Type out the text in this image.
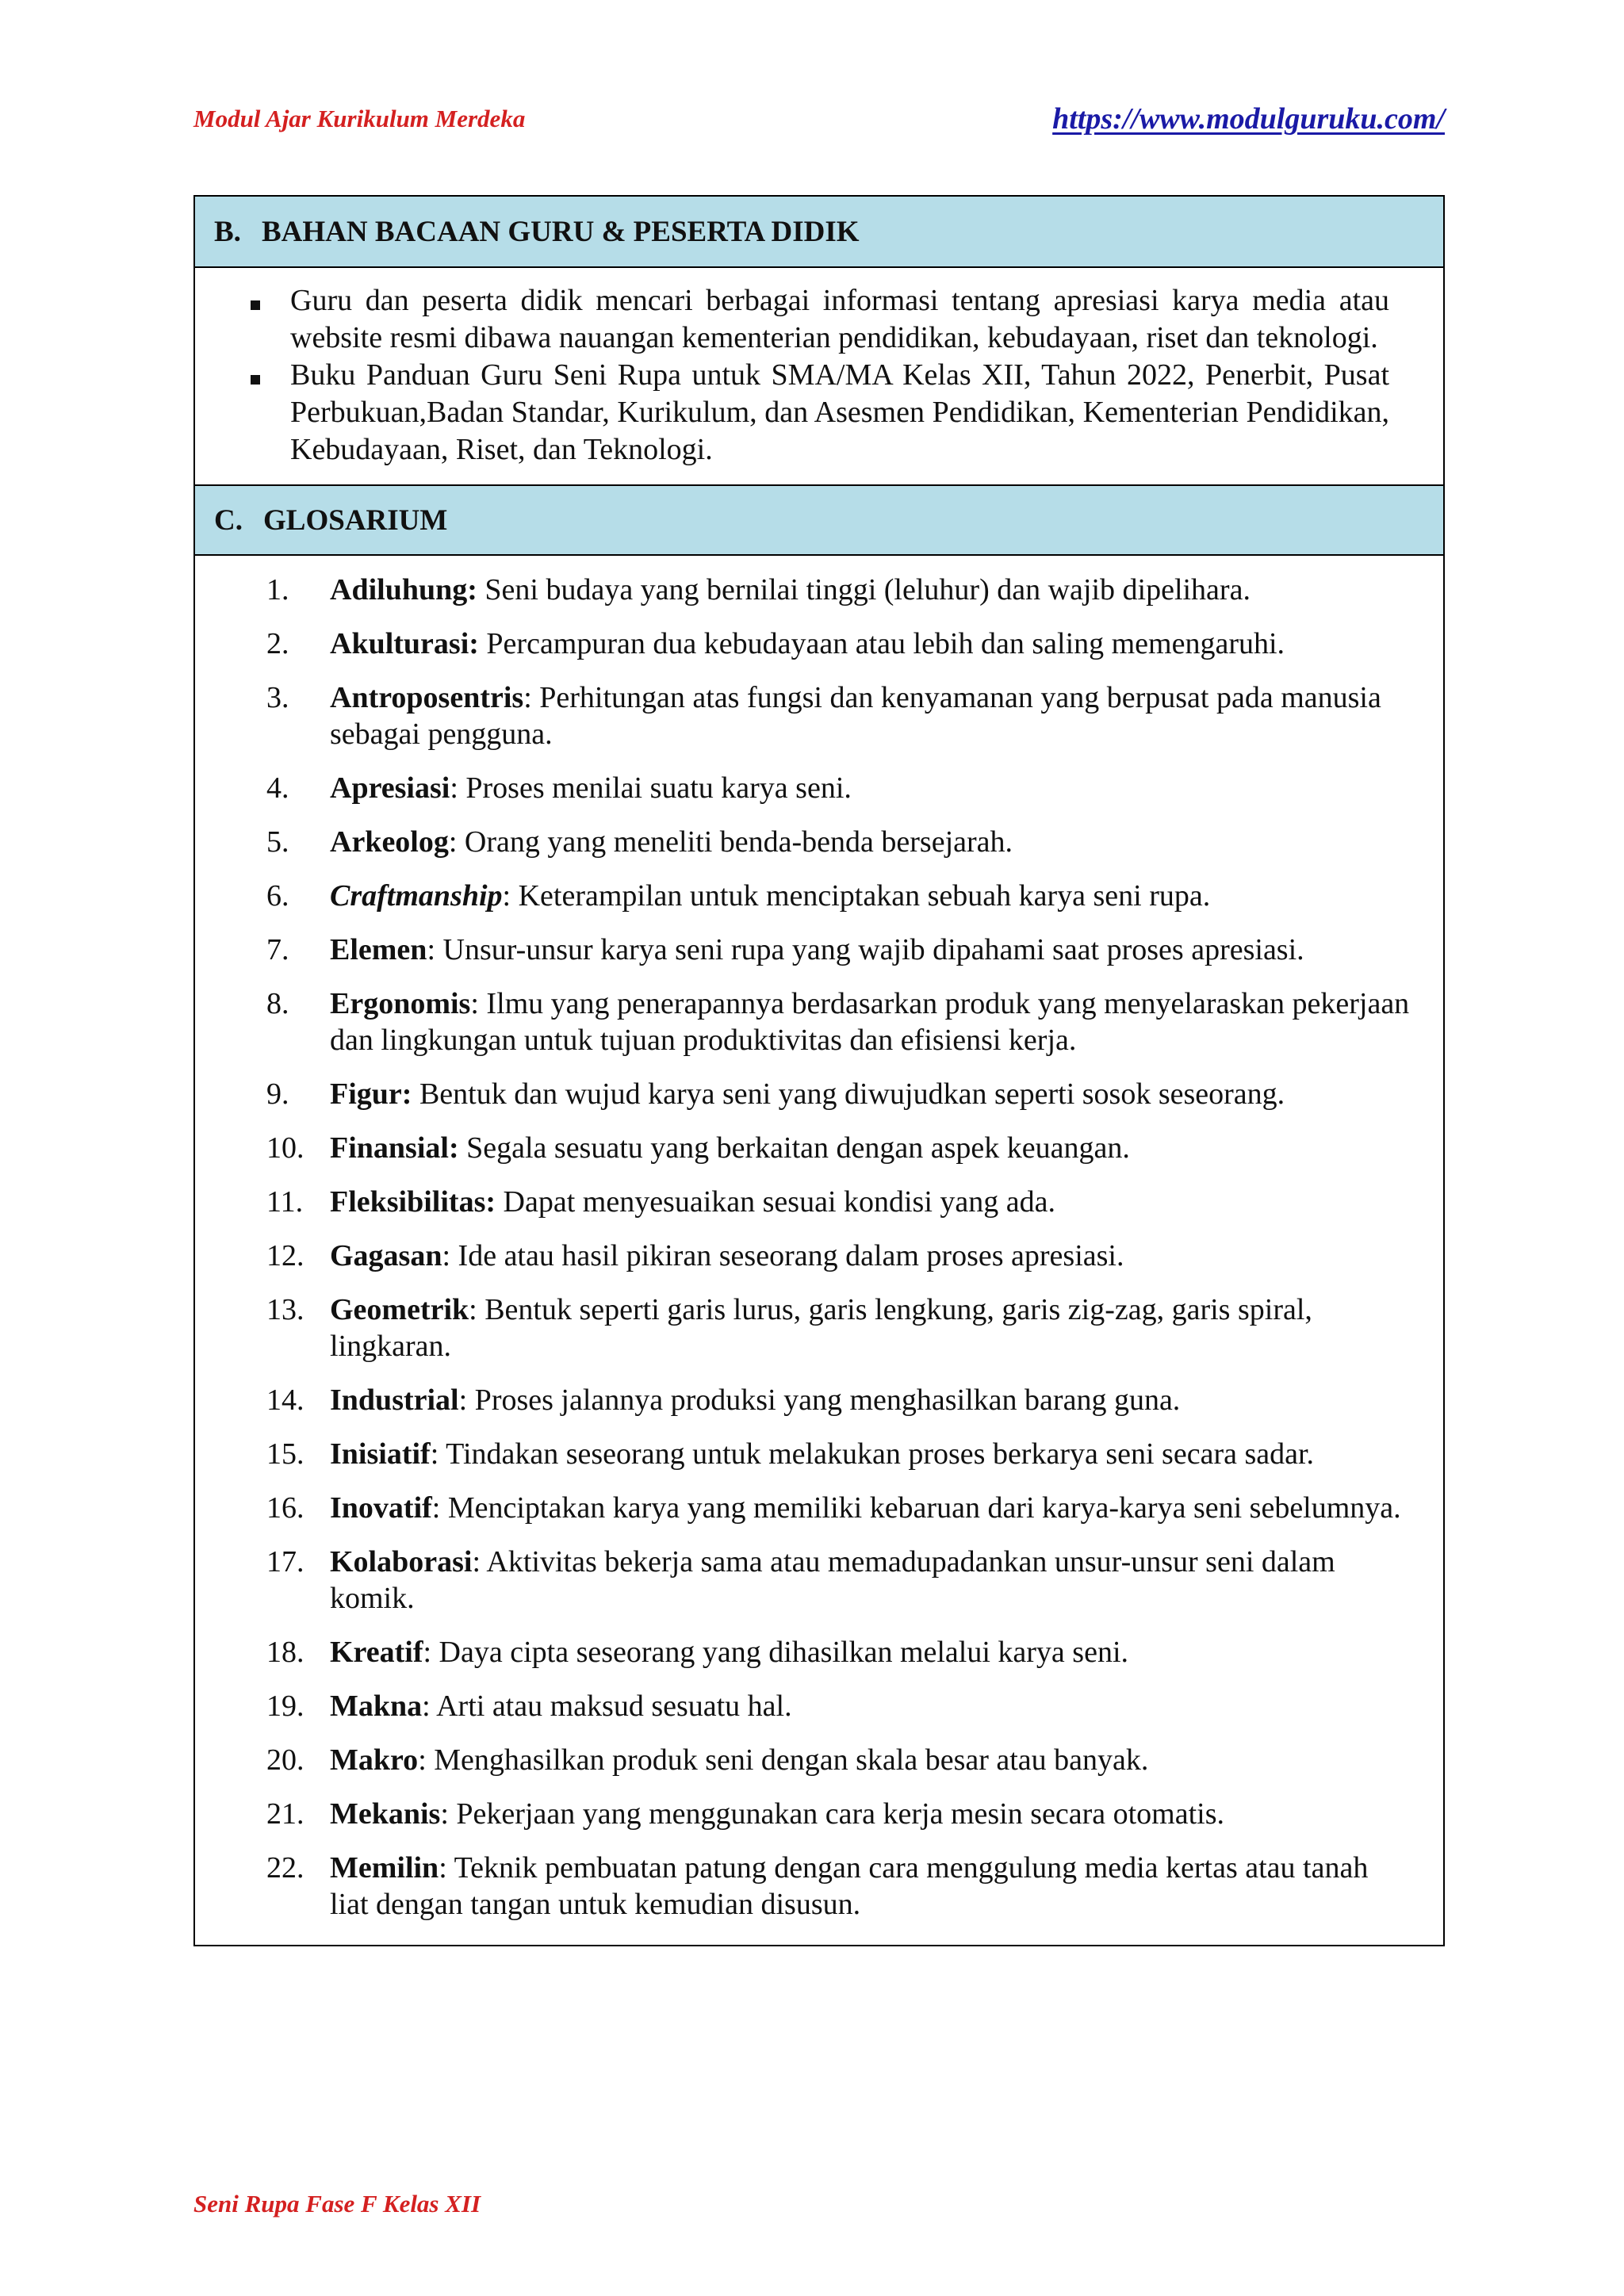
Modul Ajar Kurikulum Merdeka	https://www.modulguruku.com/
B. BAHAN BACAAN GURU & PESERTA DIDIK
Guru dan peserta didik mencari berbagai informasi tentang apresiasi karya media atau website resmi dibawa nauangan kementerian pendidikan, kebudayaan, riset dan teknologi.
Buku Panduan Guru Seni Rupa untuk SMA/MA Kelas XII, Tahun 2022, Penerbit, Pusat Perbukuan,Badan Standar, Kurikulum, dan Asesmen Pendidikan, Kementerian Pendidikan, Kebudayaan, Riset, dan Teknologi.
C. GLOSARIUM
1.	Adiluhung: Seni budaya yang bernilai tinggi (leluhur) dan wajib dipelihara.
2.	Akulturasi: Percampuran dua kebudayaan atau lebih dan saling memengaruhi.
3.	Antroposentris: Perhitungan atas fungsi dan kenyamanan yang berpusat pada manusia sebagai pengguna.
4.	Apresiasi: Proses menilai suatu karya seni.
5.	Arkeolog: Orang yang meneliti benda-benda bersejarah.
6.	Craftmanship: Keterampilan untuk menciptakan sebuah karya seni rupa.
7.	Elemen: Unsur-unsur karya seni rupa yang wajib dipahami saat proses apresiasi.
8.	Ergonomis: Ilmu yang penerapannya berdasarkan produk yang menyelaraskan pekerjaan dan lingkungan untuk tujuan produktivitas dan efisiensi kerja.
9.	Figur: Bentuk dan wujud karya seni yang diwujudkan seperti sosok seseorang.
10. Finansial: Segala sesuatu yang berkaitan dengan aspek keuangan.
11. Fleksibilitas: Dapat menyesuaikan sesuai kondisi yang ada.
12. Gagasan: Ide atau hasil pikiran seseorang dalam proses apresiasi.
13. Geometrik: Bentuk seperti garis lurus, garis lengkung, garis zig-zag, garis spiral, lingkaran.
14. Industrial: Proses jalannya produksi yang menghasilkan barang guna.
15. Inisiatif: Tindakan seseorang untuk melakukan proses berkarya seni secara sadar.
16. Inovatif: Menciptakan karya yang memiliki kebaruan dari karya-karya seni sebelumnya.
17. Kolaborasi: Aktivitas bekerja sama atau memadupadankan unsur-unsur seni dalam komik.
18. Kreatif: Daya cipta seseorang yang dihasilkan melalui karya seni.
19. Makna: Arti atau maksud sesuatu hal.
20. Makro: Menghasilkan produk seni dengan skala besar atau banyak.
21. Mekanis: Pekerjaan yang menggunakan cara kerja mesin secara otomatis.
22. Memilin: Teknik pembuatan patung dengan cara menggulung media kertas atau tanah liat dengan tangan untuk kemudian disusun.
Seni Rupa Fase F Kelas XII
